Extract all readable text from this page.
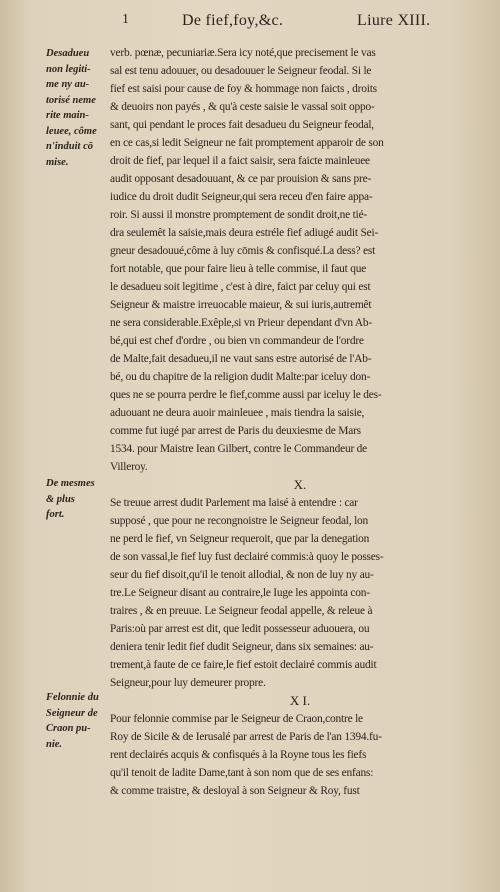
1	De fief,foy,&c.	Liure XIII.
Desadueu
non legiti-
me ny au-
torisé neme
rite main-
leuee, côme
n'induit cō
mise.
De mesmes
& plus
fort.
Felonnie du
Seigneur de
Craon pu-
nie.
verb. pœnæ, pecuniariæ.Sera icy noté,que precisement le vas
sal est tenu adouuer, ou desadouuer le Seigneur feodal. Si le
fief est saisi pour cause de foy & hommage non faicts , droits
& deuoirs non payés , & qu'à ceste saisie le vassal soit oppo-
sant, qui pendant le proces fait desadueu du Seigneur feodal,
en ce cas,si ledit Seigneur ne fait promptement apparoir de son
droit de fief, par lequel il a faict saisir, sera faicte mainleuee
audit opposant desadouuant, & ce par prouision & sans pre-
iudice du droit dudit Seigneur,qui sera receu d'en faire appa-
roir. Si aussi il monstre promptement de sondit droit,ne tié-
dra seulemêt la saisie,mais deura estréle fief adiugé audit Sei-
gneur desadouué,côme à luy cōmis & confisqué.La dess? est
fort notable, que pour faire lieu à telle commise, il faut que
le desadueu soit legitime , c'est à dire, faict par celuy qui est
Seigneur & maistre irreuocable maieur, & sui iuris,autremêt
ne sera considerable.Exêple,si vn Prieur dependant d'vn Ab-
bé,qui est chef d'ordre , ou bien vn commandeur de l'ordre
de Malte,fait desadueu,il ne vaut sans estre autorisé de l'Ab-
bé, ou du chapitre de la religion dudit Malte:par iceluy don-
ques ne se pourra perdre le fief,comme aussi par iceluy le des-
aduouant ne deura auoir mainleuee , mais tiendra la saisie,
comme fut iugé par arrest de Paris du deuxiesme de Mars
1534. pour Maistre Iean Gilbert, contre le Commandeur de
Villeroy.
X.
Se treuue arrest dudit Parlement ma laisé à entendre : car
supposé , que pour ne recongnoistre le Seigneur feodal, lon
ne perd le fief, vn Seigneur requeroit, que par la denegation
de son vassal,le fief luy fust declairé commis:à quoy le posses-
seur du fief disoit,qu'il le tenoit allodial, & non de luy ny au-
tre.Le Seigneur disant au contraire,le Iuge les appointa con-
traires , & en preuue. Le Seigneur feodal appelle, & releue à
Paris:où par arrest est dit, que ledit possesseur aduouera, ou
deniera tenir ledit fief dudit Seigneur, dans six semaines: au-
trement,à faute de ce faire,le fief estoit declairé commis audit
Seigneur,pour luy demeurer propre.
X I.
Pour felonnie commise par le Seigneur de Craon,contre le
Roy de Sicile & de Ierusalé par arrest de Paris de l'an 1394.fu-
rent declairés acquis & confisqués à la Royne tous les fiefs
qu'il tenoit de ladite Dame,tant à son nom que de ses enfans:
& comme traistre, & desloyal à son Seigneur & Roy, fust
